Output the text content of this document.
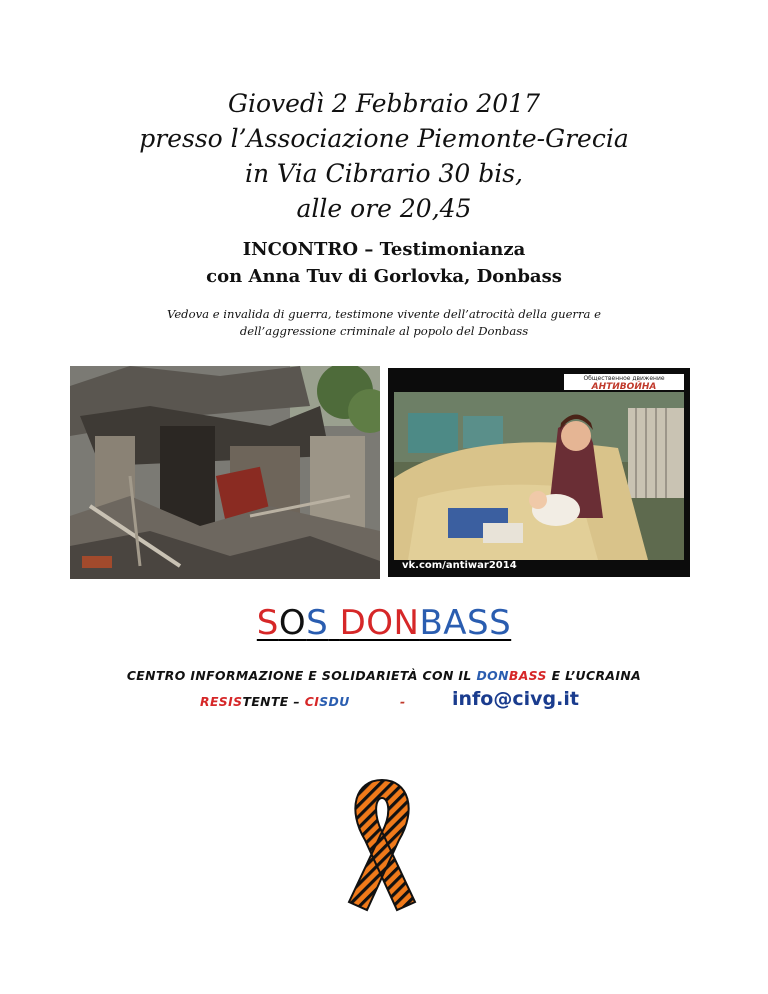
Giovedì 2 Febbraio 2017
presso l’Associazione Piemonte-Grecia
in Via Cibrario 30 bis,
alle ore 20,45
INCONTRO – Testimonianza
con Anna Tuv di Gorlovka, Donbass
Vedova e invalida di guerra, testimone vivente dell’atrocità della guerra e
dell’aggressione criminale al popolo del Donbass
Общественное движение
АНТИВОЙНА
vk.com/antiwar2014
SOS DONBASS
CENTRO INFORMAZIONE E SOLIDARIETÀ CON IL DONBASS E L’UCRAINA
RESISTENTE – CISDU	- info@civg.it
